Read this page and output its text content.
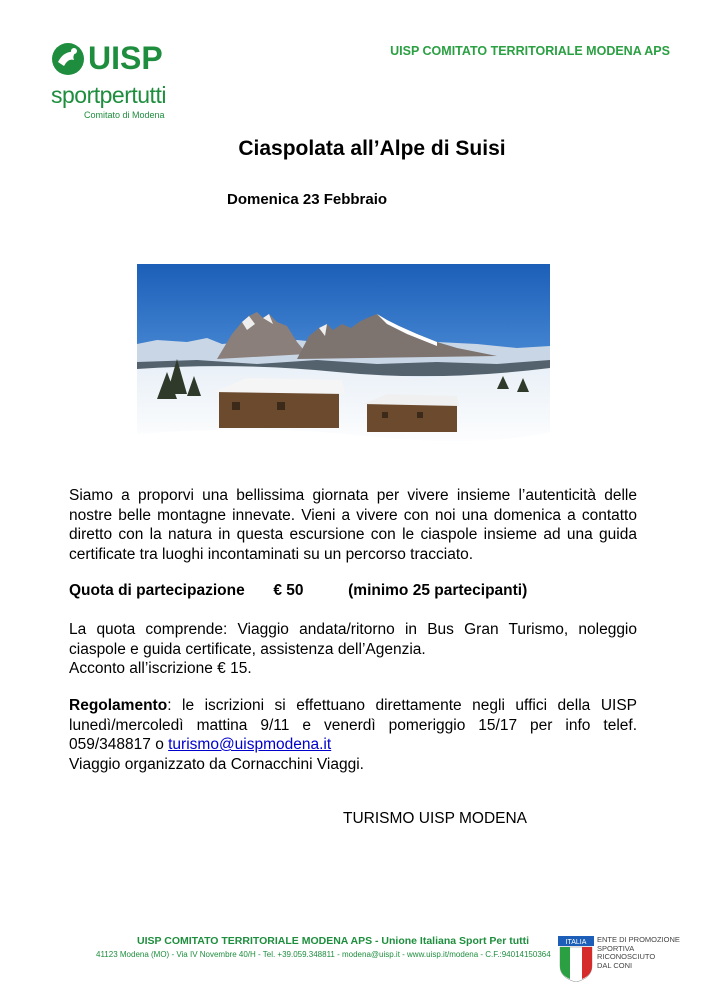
UISP
sportpertutti
Comitato di Modena
UISP COMITATO TERRITORIALE MODENA APS
Ciaspolata all’Alpe di Suisi
Domenica 23 Febbraio
Siamo a proporvi una bellissima giornata per vivere insieme l’autenticità delle nostre belle montagne innevate. Vieni a vivere con noi una domenica a contatto diretto con la natura in questa escursione con le ciaspole insieme ad una guida certificate tra luoghi incontaminati su un percorso tracciato.
Quota di partecipazione € 50	(minimo 25 partecipanti)
La quota comprende: Viaggio andata/ritorno in Bus Gran Turismo, noleggio ciaspole e guida certificate, assistenza dell’Agenzia.
Acconto all’iscrizione € 15.
Regolamento: le iscrizioni si effettuano direttamente negli uffici della UISP lunedì/mercoledì mattina 9/11 e venerdì pomeriggio 15/17 per info telef. 059/348817 o turismo@uispmodena.it
Viaggio organizzato da Cornacchini Viaggi.
TURISMO UISP MODENA
UISP COMITATO TERRITORIALE MODENA APS - Unione Italiana Sport Per tutti
41123 Modena (MO) - Via IV Novembre 40/H - Tel. +39.059.348811 - modena@uisp.it - www.uisp.it/modena - C.F.:94014150364
ITALIA ENTE DI PROMOZIONE
SPORTIVA
RICONOSCIUTO
DAL CONI
